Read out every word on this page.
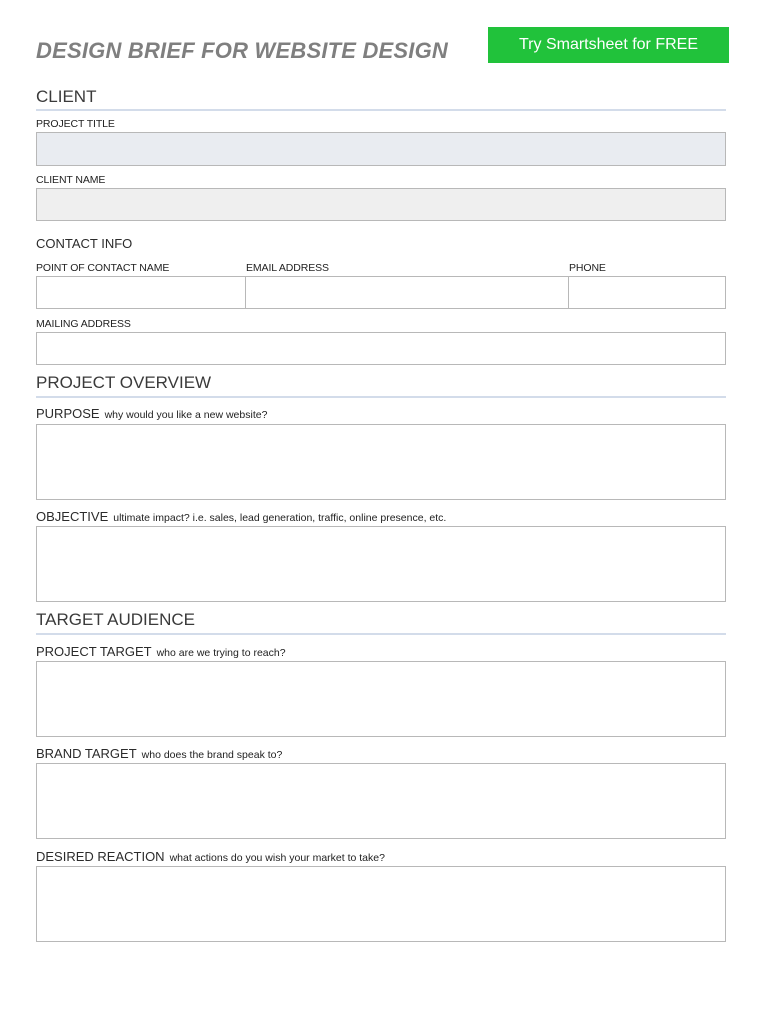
DESIGN BRIEF FOR WEBSITE DESIGN	Try Smartsheet for FREE
CLIENT
PROJECT TITLE
CLIENT NAME
CONTACT INFO
POINT OF CONTACT NAME	EMAIL ADDRESS	PHONE
MAILING ADDRESS
PROJECT OVERVIEW
PURPOSE why would you like a new website?
OBJECTIVE ultimate impact? i.e. sales, lead generation, traffic, online presence, etc.
TARGET AUDIENCE
PROJECT TARGET who are we trying to reach?
BRAND TARGET who does the brand speak to?
DESIRED REACTION what actions do you wish your market to take?
